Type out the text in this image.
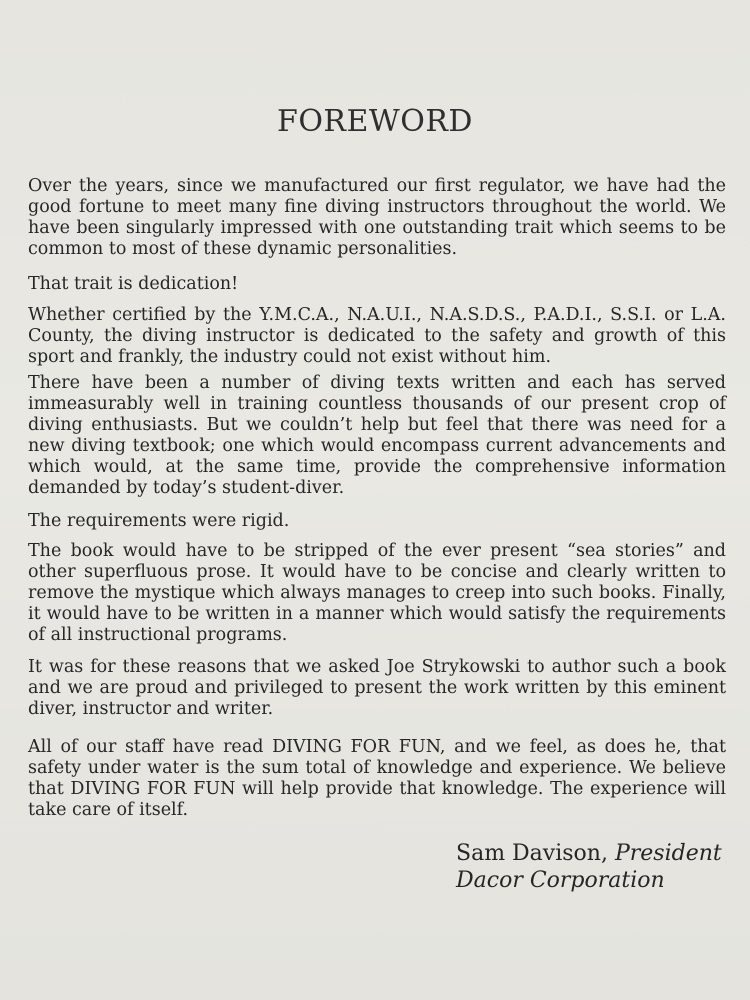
FOREWORD

Over the years, since we manufactured our first regulator, we have had the good fortune to meet many fine diving instructors throughout the world. We have been singularly impressed with one outstanding trait which seems to be common to most of these dynamic personalities.

That trait is dedication!

Whether certified by the Y.M.C.A., N.A.U.I., N.A.S.D.S., P.A.D.I., S.S.I. or L.A. County, the diving instructor is dedicated to the safety and growth of this sport and frankly, the industry could not exist without him.

There have been a number of diving texts written and each has served immeasurably well in training countless thousands of our present crop of diving enthusiasts. But we couldn’t help but feel that there was need for a new diving textbook; one which would encompass current advancements and which would, at the same time, provide the comprehensive information demanded by today’s student-diver.

The requirements were rigid.

The book would have to be stripped of the ever present “sea stories” and other superfluous prose. It would have to be concise and clearly written to remove the mystique which always manages to creep into such books. Finally, it would have to be written in a manner which would satisfy the requirements of all instructional programs.

It was for these reasons that we asked Joe Strykowski to author such a book and we are proud and privileged to present the work written by this eminent diver, instructor and writer.

All of our staff have read DIVING FOR FUN, and we feel, as does he, that safety under water is the sum total of knowledge and experience. We believe that DIVING FOR FUN will help provide that knowledge. The experience will take care of itself.

Sam Davison, President
Dacor Corporation
